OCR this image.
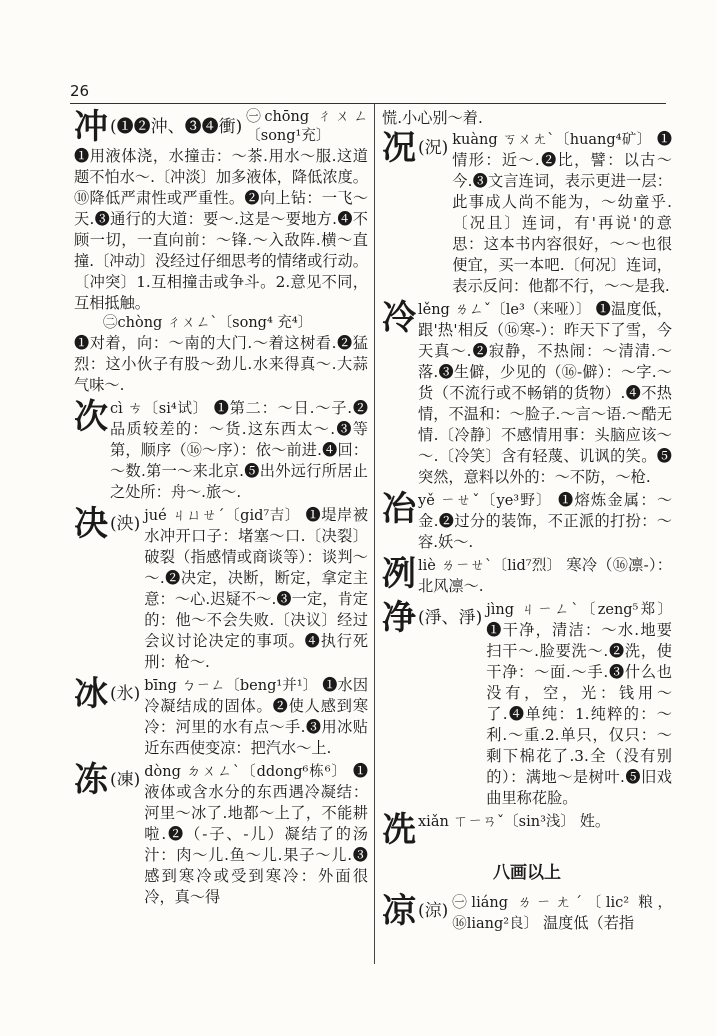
26
冲 (❶❷沖、❸❹衝) ㊀chōng ㄔㄨㄥ〔song¹充〕

❶用液体浇，水撞击：～茶.用水～服.这道题不怕水～.〔冲淡〕加多液体，降低浓度。⑩降低严肃性或严重性。❷向上钻：一飞～天.❸通行的大道：要～.这是～要地方.❹不顾一切，一直向前：～锋.～入敌阵.横～直撞.〔冲动〕没经过仔细思考的情绪或行动。〔冲突〕1.互相撞击或争斗。2.意见不同，互相抵触。

㊁chòng ㄔㄨㄥˋ〔song⁴ 充⁴〕

❶对着，向：～南的大门.～着这树看.❷猛烈：这小伙子有股～劲儿.水来得真～.大蒜气味～.

次 cì ㄘ〔si⁴试〕 ❶第二：～日.～子.❷品质较差的：～货.这东西太～.❸等第，顺序（⑯～序）：依～前进.❹回：～数.第一～来北京.❺出外远行所居止之处所：舟～.旅～.
决 (泱) jué ㄐㄩㄝˊ〔gid⁷吉〕 ❶堤岸被水冲开口子：堵塞～口.〔决裂〕破裂（指感情或商谈等）：谈判～～.❷决定，决断，断定，拿定主意：～心.迟疑不～.❸一定，肯定的：他～不会失败.〔决议〕经过会议讨论决定的事项。❹执行死刑：枪～.
冰 (氷) bīng ㄅㄧㄥ〔beng¹并¹〕 ❶水因冷凝结成的固体。❷使人感到寒冷：河里的水有点～手.❸用冰贴近东西使变凉：把汽水～上.
冻 (凍) dòng ㄉㄨㄥˋ〔ddong⁶栋⁶〕 ❶液体或含水分的东西遇冷凝结：河里～冰了.地都～上了，不能耕啦.❷（-子、-儿）凝结了的汤汁：肉～儿.鱼～儿.果子～儿.❸感到寒冷或受到寒冷：外面很冷，真～得

慌.小心别～着.

况 (況) kuàng ㄎㄨㄤˋ〔huang⁴矿〕 ❶情形：近～.❷比，譬：以古～今.❸文言连词，表示更进一层：此事成人尚不能为，～幼童乎.〔况且〕连词，有'再说'的意思：这本书内容很好，～～也很便宜，买一本吧.〔何况〕连词，表示反问：他都不行，～～是我.
冷 lěng ㄌㄥˇ〔le³（来哑）〕 ❶温度低，跟'热'相反（⑯寒-）：昨天下了雪，今天真～.❷寂静，不热闹：～清清.～落.❸生僻，少见的（⑯-僻）：～字.～货（不流行或不畅销的货物）.❹不热情，不温和：～脸子.～言～语.～酷无情.〔冷静〕不感情用事：头脑应该～～.〔冷笑〕含有轻蔑、讥讽的笑。❺突然，意料以外的：～不防，～枪.
冶 yě ㄧㄝˇ〔ye³野〕 ❶熔炼金属：～金.❷过分的装饰，不正派的打扮：～容.妖～.
冽 liè ㄌㄧㄝˋ〔lid⁷烈〕 寒冷（⑯凛-）：北风凛～.
净 (淨、淨) jìng ㄐㄧㄥˋ〔zeng⁵郑〕 ❶干净，清洁：～水.地要扫干～.脸要洗～.❷洗，使干净：～面.～手.❸什么也没有，空，光：钱用～了.❹单纯：1.纯粹的：～利.～重.2.单只，仅只：～剩下棉花了.3.全（没有别的）：满地～是树叶.❺旧戏曲里称花脸。
冼 xiǎn ㄒㄧㄢˇ〔sin³浅〕 姓。
八画以上
凉 (涼) ㊀liáng ㄌㄧㄤˊ〔lic² 粮，⑯liang²良〕 温度低（若指
